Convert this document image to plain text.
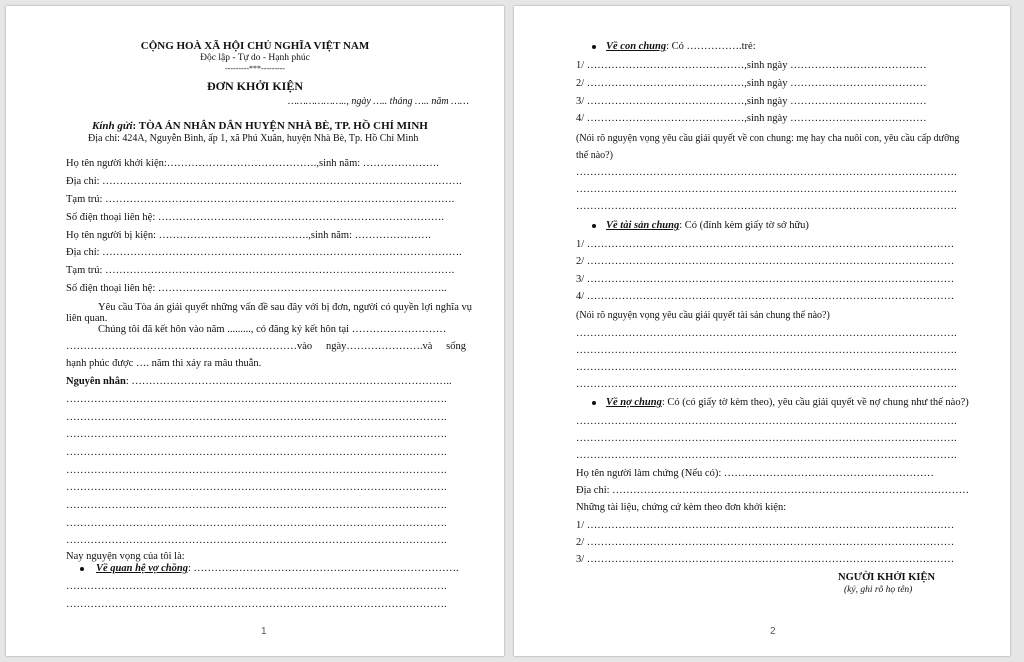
CỘNG HOÀ XÃ HỘI CHỦ NGHĨA VIỆT NAM
Độc lập - Tự do - Hạnh phúc
---------***---------
ĐƠN KHỞI KIỆN
……………….., ngày ….. tháng ….. năm ……
Kính gửi: TÒA ÁN NHÂN DÂN HUYỆN NHÀ BÈ, TP. HỒ CHÍ MINH
Địa chỉ: 424A, Nguyễn Bình, ấp 1, xã Phú Xuân, huyện Nhà Bè, Tp. Hồ Chí Minh
Họ tên người khởi kiện:…………………………………….,sinh năm: ………………….
Địa chỉ: ………………………………………………………………………………………….
Tạm trú: ……………………………………………………………………………………….
Số điện thoại liên hệ: ……………………………………………………………………….
Họ tên người bị kiện: …………………………………….,sinh năm: ………………….
Địa chỉ: ………………………………………………………………………………………….
Tạm trú: ……………………………………………………………………………………….
Số điện thoại liên hệ: ………………………………………………………………………..
Yêu cầu Tòa án giải quyết những vấn đề sau đây với bị đơn, người có quyền lợi nghĩa vụ
liên quan.
Chúng tôi đã kết hôn vào năm ........., có đăng ký kết hôn tại ………………………
…………………………………………………………vào ngày………………….và sống
hạnh phúc được …. năm thì xảy ra mâu thuẫn.
Nguyên nhân: ………………………………………………………………………………..
……………………………………………………………………………………………….
……………………………………………………………………………………………….
……………………………………………………………………………………………….
……………………………………………………………………………………………….
……………………………………………………………………………………………….
……………………………………………………………………………………………….
……………………………………………………………………………………………….
……………………………………………………………………………………………….
……………………………………………………………………………………………….
Nay nguyện vọng của tôi là:
Về quan hệ vợ chồng: ………………………………………………………………….
……………………………………………………………………………………………….
……………………………………………………………………………………………….
1
Về con chung: Có …………….trẻ:
1/ ………………………………………,sinh ngày …………………………………
2/ ………………………………………,sinh ngày …………………………………
3/ ………………………………………,sinh ngày …………………………………
4/ ………………………………………,sinh ngày …………………………………
(Nói rõ nguyện vọng yêu cầu giải quyết về con chung: mẹ hay cha nuôi con, yêu cầu cấp dưỡng
thế nào?)
……………………………………………………………………………………………….
……………………………………………………………………………………………….
……………………………………………………………………………………………….
Về tài sản chung: Có (đính kèm giấy tờ sở hữu)
1/ ……………………………………………………………………………………………
2/ ……………………………………………………………………………………………
3/ ……………………………………………………………………………………………
4/ ……………………………………………………………………………………………
(Nói rõ nguyện vọng yêu cầu giải quyết tài sản chung thế nào?)
……………………………………………………………………………………………….
……………………………………………………………………………………………….
……………………………………………………………………………………………….
……………………………………………………………………………………………….
Về nợ chung: Có (có giấy tờ kèm theo), yêu cầu giải quyết về nợ chung như thế nào?)
……………………………………………………………………………………………….
……………………………………………………………………………………………….
……………………………………………………………………………………………….
Họ tên người làm chứng (Nếu có): ……………………………………………………
Địa chỉ: …………………………………………………………………………………………
Những tài liệu, chứng cứ kèm theo đơn khởi kiện:
1/ ……………………………………………………………………………………………
2/ ……………………………………………………………………………………………
3/ ……………………………………………………………………………………………
NGƯỜI KHỞI KIỆN
(ký, ghi rõ họ tên)
2
